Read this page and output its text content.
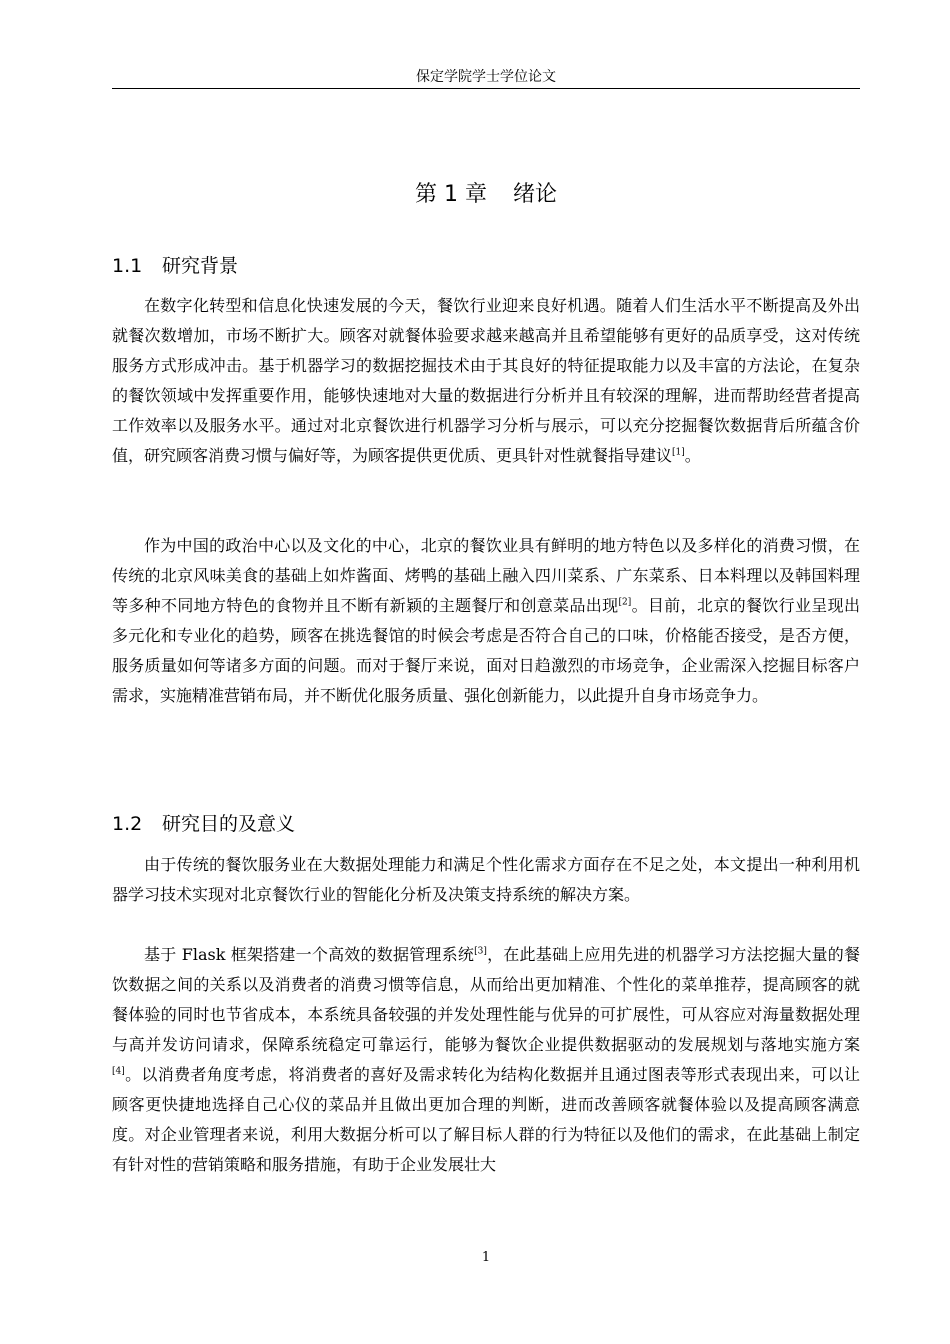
保定学院学士学位论文
第 1 章 绪论
1.1 研究背景

在数字化转型和信息化快速发展的今天，餐饮行业迎来良好机遇。随着人们生活水平不断提高及外出就餐次数增加，市场不断扩大。顾客对就餐体验要求越来越高并且希望能够有更好的品质享受，这对传统服务方式形成冲击。基于机器学习的数据挖掘技术由于其良好的特征提取能力以及丰富的方法论，在复杂的餐饮领域中发挥重要作用，能够快速地对大量的数据进行分析并且有较深的理解，进而帮助经营者提高工作效率以及服务水平。通过对北京餐饮进行机器学习分析与展示，可以充分挖掘餐饮数据背后所蕴含价值，研究顾客消费习惯与偏好等，为顾客提供更优质、更具针对性就餐指导建议[1]。

作为中国的政治中心以及文化的中心，北京的餐饮业具有鲜明的地方特色以及多样化的消费习惯，在传统的北京风味美食的基础上如炸酱面、烤鸭的基础上融入四川菜系、广东菜系、日本料理以及韩国料理等多种不同地方特色的食物并且不断有新颖的主题餐厅和创意菜品出现[2]。目前，北京的餐饮行业呈现出多元化和专业化的趋势，顾客在挑选餐馆的时候会考虑是否符合自己的口味，价格能否接受，是否方便，服务质量如何等诸多方面的问题。而对于餐厅来说，面对日趋激烈的市场竞争，企业需深入挖掘目标客户需求，实施精准营销布局，并不断优化服务质量、强化创新能力，以此提升自身市场竞争力。

1.2 研究目的及意义

由于传统的餐饮服务业在大数据处理能力和满足个性化需求方面存在不足之处，本文提出一种利用机器学习技术实现对北京餐饮行业的智能化分析及决策支持系统的解决方案。

基于 Flask 框架搭建一个高效的数据管理系统[3]，在此基础上应用先进的机器学习方法挖掘大量的餐饮数据之间的关系以及消费者的消费习惯等信息，从而给出更加精准、个性化的菜单推荐，提高顾客的就餐体验的同时也节省成本，本系统具备较强的并发处理性能与优异的可扩展性，可从容应对海量数据处理与高并发访问请求，保障系统稳定可靠运行，能够为餐饮企业提供数据驱动的发展规划与落地实施方案[4]。以消费者角度考虑，将消费者的喜好及需求转化为结构化数据并且通过图表等形式表现出来，可以让顾客更快捷地选择自己心仪的菜品并且做出更加合理的判断，进而改善顾客就餐体验以及提高顾客满意度。对企业管理者来说，利用大数据分析可以了解目标人群的行为特征以及他们的需求，在此基础上制定有针对性的营销策略和服务措施，有助于企业发展壮大

1
